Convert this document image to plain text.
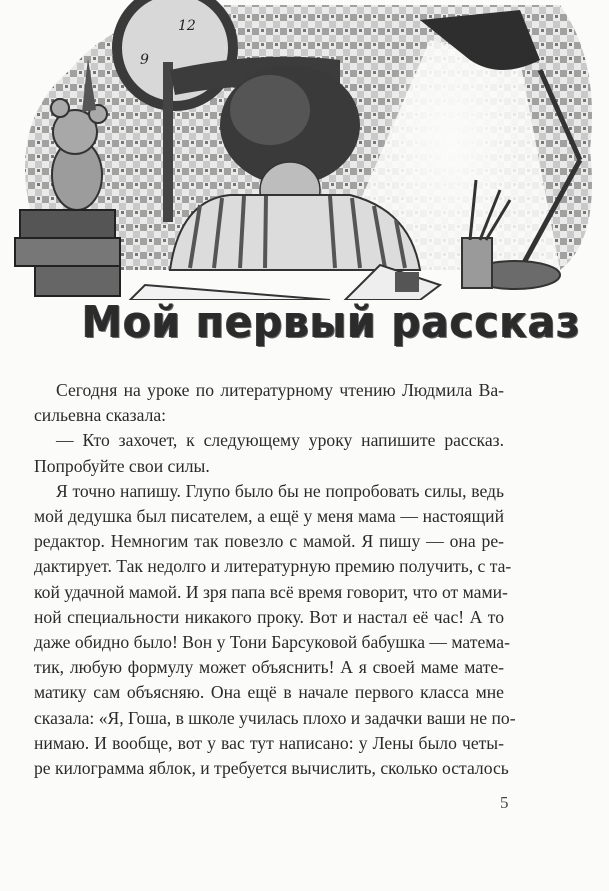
12
9
Мой первый рассказ

Сегодня на уроке по литературному чтению Людмила Ва-
сильевна сказала:

— Кто захочет, к следующему уроку напишите рассказ.
Попробуйте свои силы.

Я точно напишу. Глупо было бы не попробовать силы, ведь
мой дедушка был писателем, а ещё у меня мама — настоящий
редактор. Немногим так повезло с мамой. Я пишу — она ре-
дактирует. Так недолго и литературную премию получить, с та-
кой удачной мамой. И зря папа всё время говорит, что от мами-
ной специальности никакого проку. Вот и настал её час! А то
даже обидно было! Вон у Тони Барсуковой бабушка — матема-
тик, любую формулу может объяснить! А я своей маме мате-
матику сам объясняю. Она ещё в начале первого класса мне
сказала: «Я, Гоша, в школе училась плохо и задачки ваши не по-
нимаю. И вообще, вот у вас тут написано: у Лены было четы-
ре килограмма яблок, и требуется вычислить, сколько осталось

5
